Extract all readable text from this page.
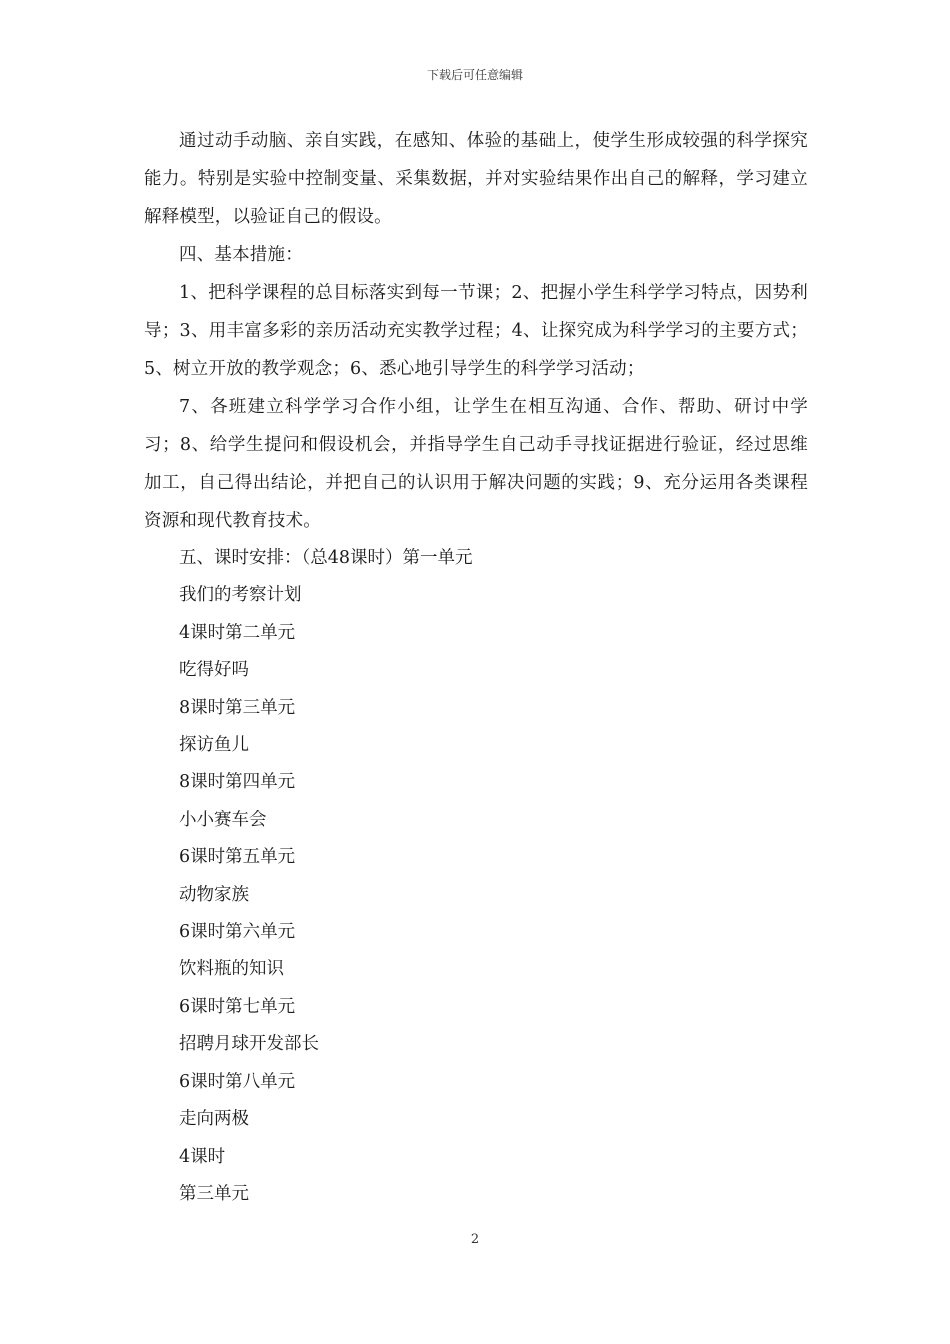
下载后可任意编辑

通过动手动脑、亲自实践，在感知、体验的基础上，使学生形成较强的科学探究能力。特别是实验中控制变量、采集数据，并对实验结果作出自己的解释，学习建立解释模型，以验证自己的假设。

四、基本措施：

1、把科学课程的总目标落实到每一节课；2、把握小学生科学学习特点，因势利导；3、用丰富多彩的亲历活动充实教学过程；4、让探究成为科学学习的主要方式；5、树立开放的教学观念；6、悉心地引导学生的科学学习活动；

7、各班建立科学学习合作小组，让学生在相互沟通、合作、帮助、研讨中学习；8、给学生提问和假设机会，并指导学生自己动手寻找证据进行验证，经过思维加工，自己得出结论，并把自己的认识用于解决问题的实践；9、充分运用各类课程资源和现代教育技术。

五、课时安排：（总48课时）第一单元

我们的考察计划

4课时第二单元

吃得好吗

8课时第三单元

探访鱼儿

8课时第四单元

小小赛车会

6课时第五单元

动物家族

6课时第六单元

饮料瓶的知识

6课时第七单元

招聘月球开发部长

6课时第八单元

走向两极

4课时

第三单元

2
